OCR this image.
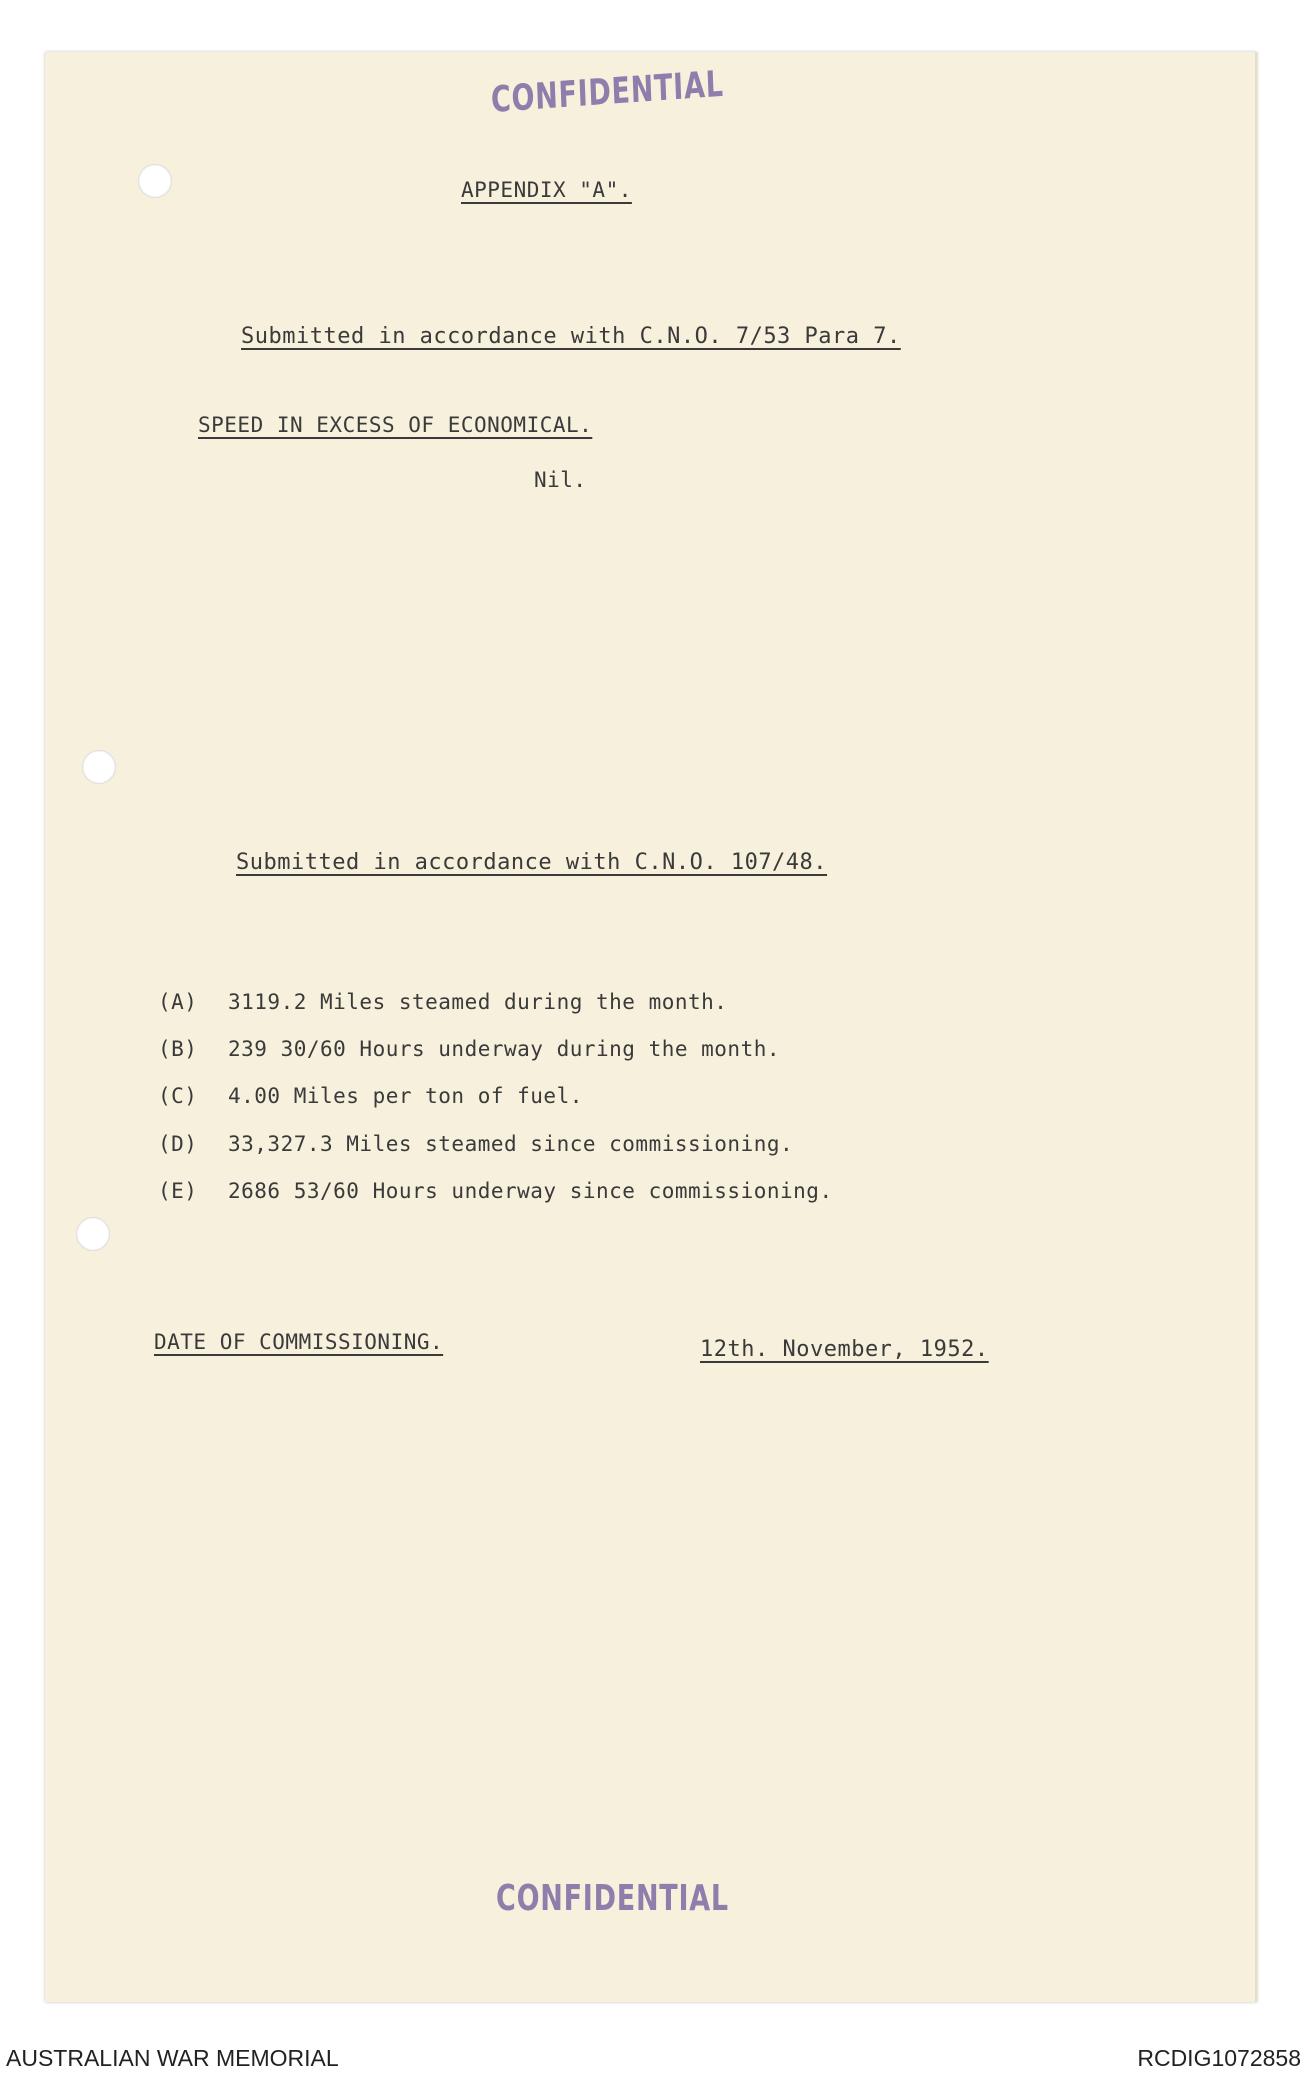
CONFIDENTIAL
APPENDIX "A".
Submitted in accordance with C.N.O. 7/53 Para 7.
SPEED IN EXCESS OF ECONOMICAL.
Nil.
Submitted in accordance with C.N.O. 107/48.
(A) 3119.2 Miles steamed during the month.
(B) 239 30/60 Hours underway during the month.
(C) 4.00 Miles per ton of fuel.
(D) 33,327.3 Miles steamed since commissioning.
(E) 2686 53/60 Hours underway since commissioning.
DATE OF COMMISSIONING.	12th. November, 1952.
CONFIDENTIAL
AUSTRALIAN WAR MEMORIAL	RCDIG1072858
